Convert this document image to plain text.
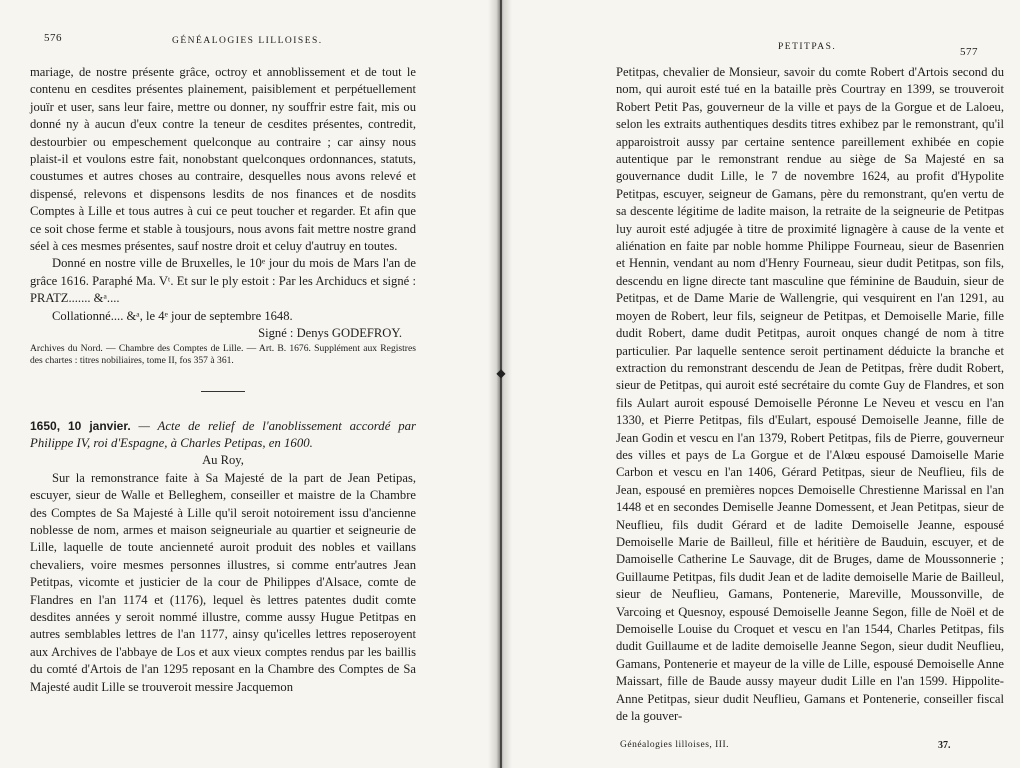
576	GÉNÉALOGIES LILLOISES.

mariage, de nostre présente grâce, octroy et annoblissement et de tout le contenu en cesdites présentes plainement, paisiblement et perpétuellement jouïr et user, sans leur faire, mettre ou donner, ny souffrir estre fait, mis ou donné ny à aucun d'eux contre la teneur de cesdites présentes, contredit, destourbier ou empeschement quelconque au contraire ; car ainsy nous plaist-il et voulons estre fait, nonobstant quelconques ordonnances, statuts, coustumes et autres choses au contraire, desquelles nous avons relevé et dispensé, relevons et dispensons lesdits de nos finances et de nosdits Comptes à Lille et tous autres à cui ce peut toucher et regarder. Et afin que ce soit chose ferme et stable à tousjours, nous avons fait mettre nostre grand séel à ces mesmes présentes, sauf nostre droit et celuy d'autruy en toutes.

Donné en nostre ville de Bruxelles, le 10ᵉ jour du mois de Mars l'an de grâce 1616. Paraphé Ma. Vᵗ. Et sur le ply estoit : Par les Archiducs et signé : PRATZ....... &ᵃ....

Collationné.... &ᵃ, le 4ᵉ jour de septembre 1648.

Signé : Denys GODEFROY.

Archives du Nord. — Chambre des Comptes de Lille. — Art. B. 1676. Supplément aux Registres des chartes : titres nobiliaires, tome II, fos 357 à 361.

1650, 10 janvier. — Acte de relief de l'anoblissement accordé par Philippe IV, roi d'Espagne, à Charles Petipas, en 1600.

Au Roy,

Sur la remonstrance faite à Sa Majesté de la part de Jean Petipas, escuyer, sieur de Walle et Belleghem, conseiller et maistre de la Chambre des Comptes de Sa Majesté à Lille qu'il seroit notoirement issu d'ancienne noblesse de nom, armes et maison seigneuriale au quartier et seigneurie de Lille, laquelle de toute ancienneté auroit produit des nobles et vaillans chevaliers, voire mesmes personnes illustres, si comme entr'autres Jean Petitpas, vicomte et justicier de la cour de Philippes d'Alsace, comte de Flandres en l'an 1174 et (1176), lequel ès lettres patentes dudit comte desdites années y seroit nommé illustre, comme aussy Hugue Petitpas en autres semblables lettres de l'an 1177, ainsy qu'icelles lettres reposeroyent aux Archives de l'abbaye de Los et aux vieux comptes rendus par les baillis du comté d'Artois de l'an 1295 reposant en la Chambre des Comptes de Sa Majesté audit Lille se trouveroit messire Jacquemon

◆
PETITPAS.	577

Petitpas, chevalier de Monsieur, savoir du comte Robert d'Artois second du nom, qui auroit esté tué en la bataille près Courtray en 1399, se trouveroit Robert Petit Pas, gouverneur de la ville et pays de la Gorgue et de Laloeu, selon les extraits authentiques desdits titres exhibez par le remonstrant, qu'il apparoistroit aussy par certaine sentence pareillement exhibée en copie autentique par le remonstrant rendue au siège de Sa Majesté en sa gouvernance dudit Lille, le 7 de novembre 1624, au profit d'Hypolite Petitpas, escuyer, seigneur de Gamans, père du remonstrant, qu'en vertu de sa descente légitime de ladite maison, la retraite de la seigneurie de Petitpas luy auroit esté adjugée à titre de proximité lignagère à cause de la vente et aliénation en faite par noble homme Philippe Fourneau, sieur de Basenrien et Hennin, vendant au nom d'Henry Fourneau, sieur dudit Petitpas, son fils, descendu en ligne directe tant masculine que féminine de Bauduin, sieur de Petitpas, et de Dame Marie de Wallengrie, qui vesquirent en l'an 1291, au moyen de Robert, leur fils, seigneur de Petitpas, et Demoiselle Marie, fille dudit Robert, dame dudit Petitpas, auroit onques changé de nom à titre particulier. Par laquelle sentence seroit pertinament déduicte la branche et extraction du remonstrant descendu de Jean de Petitpas, frère dudit Robert, sieur de Petitpas, qui auroit esté secrétaire du comte Guy de Flandres, et son fils Aulart auroit espousé Demoiselle Péronne Le Neveu et vescu en l'an 1330, et Pierre Petitpas, fils d'Eulart, espousé Demoiselle Jeanne, fille de Jean Godin et vescu en l'an 1379, Robert Petitpas, fils de Pierre, gouverneur des villes et pays de La Gorgue et de l'Alœu espousé Damoiselle Marie Carbon et vescu en l'an 1406, Gérard Petitpas, sieur de Neuflieu, fils de Jean, espousé en premières nopces Demoiselle Chrestienne Marissal en l'an 1448 et en secondes Demiselle Jeanne Domessent, et Jean Petitpas, sieur de Neuflieu, fils dudit Gérard et de ladite Demoiselle Jeanne, espousé Demoiselle Marie de Bailleul, fille et héritière de Bauduin, escuyer, et de Damoiselle Catherine Le Sauvage, dit de Bruges, dame de Moussonnerie ; Guillaume Petitpas, fils dudit Jean et de ladite demoiselle Marie de Bailleul, sieur de Neuflieu, Gamans, Pontenerie, Mareville, Moussonville, de Varcoing et Quesnoy, espousé Demoiselle Jeanne Segon, fille de Noël et de Demoiselle Louise du Croquet et vescu en l'an 1544, Charles Petitpas, fils dudit Guillaume et de ladite demoiselle Jeanne Segon, sieur dudit Neuflieu, Gamans, Pontenerie et mayeur de la ville de Lille, espousé Demoiselle Anne Maissart, fille de Baude aussy mayeur dudit Lille en l'an 1599. Hippolite-Anne Petitpas, sieur dudit Neuflieu, Gamans et Pontenerie, conseiller fiscal de la gouver-

Généalogies lilloises, III.	37.
